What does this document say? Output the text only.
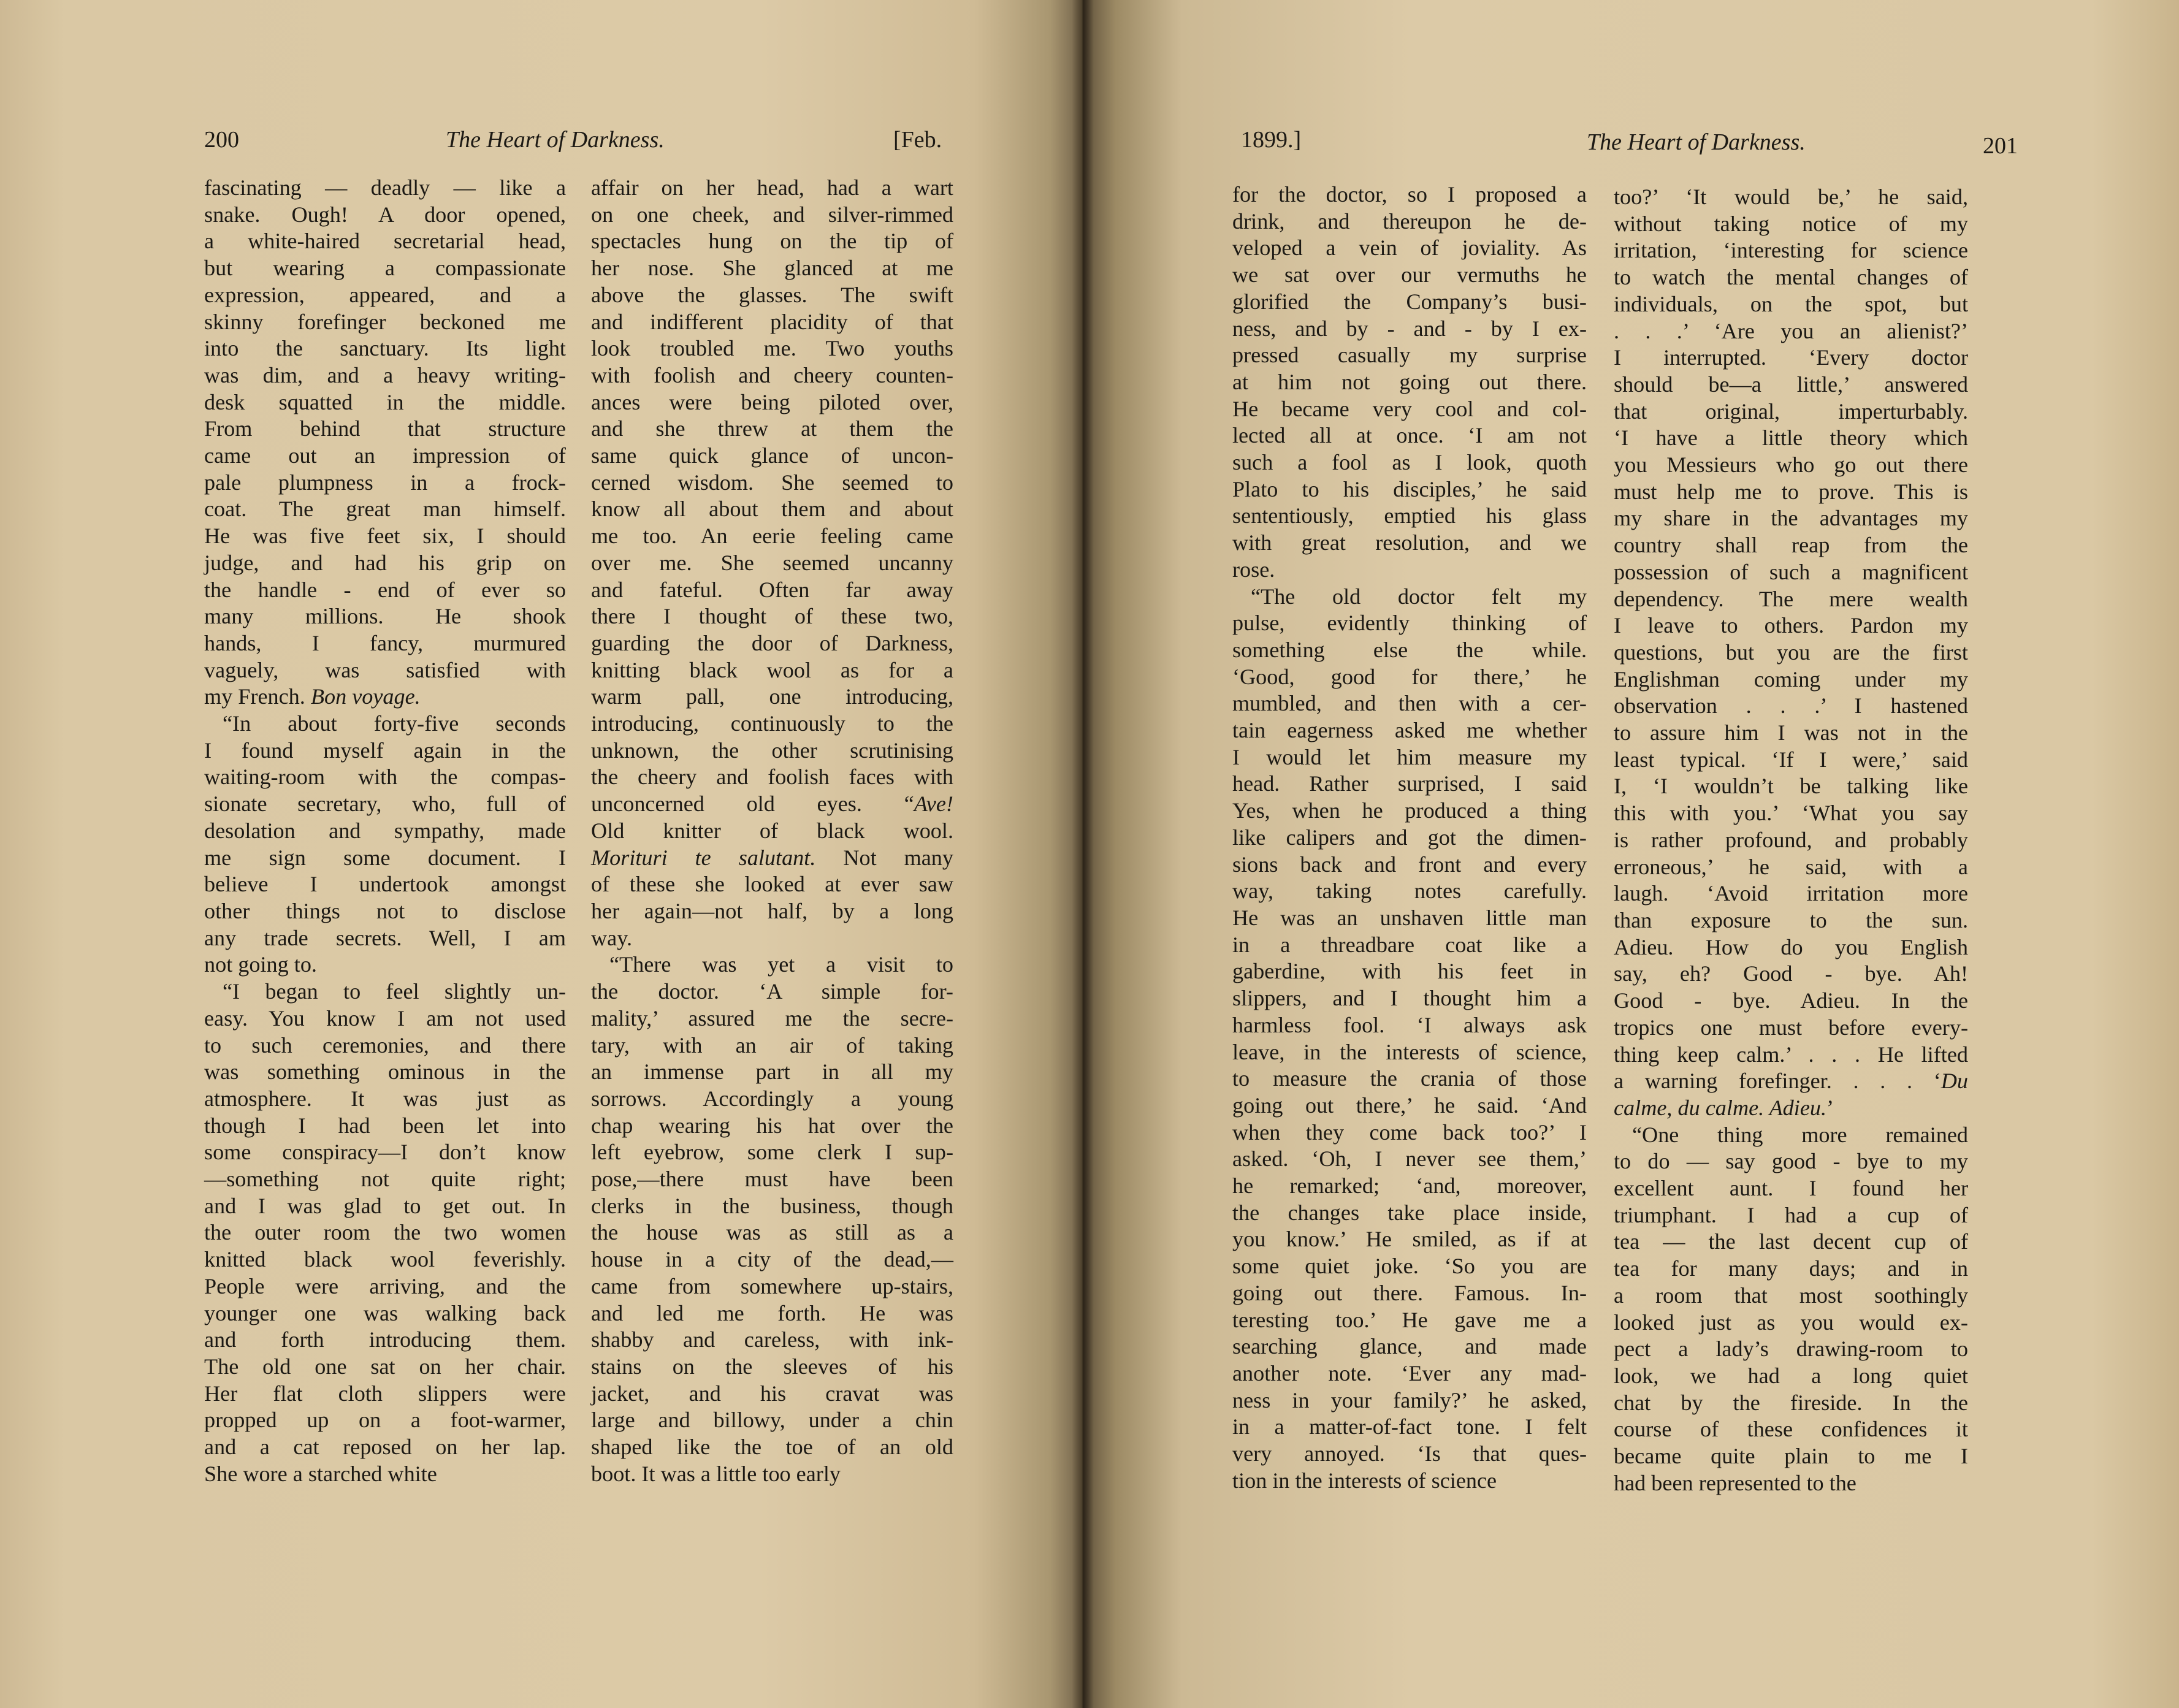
200	The Heart of Darkness.	[Feb.
fascinating — deadly — like a
snake. Ough! A door opened,
a white-haired secretarial head,
but wearing a compassionate
expression, appeared, and a
skinny forefinger beckoned me
into the sanctuary. Its light
was dim, and a heavy writing-
desk squatted in the middle.
From behind that structure
came out an impression of
pale plumpness in a frock-
coat. The great man himself.
He was five feet six, I should
judge, and had his grip on
the handle - end of ever so
many millions. He shook
hands, I fancy, murmured
vaguely, was satisfied with
my French. Bon voyage.
“In about forty-five seconds
I found myself again in the
waiting-room with the compas-
sionate secretary, who, full of
desolation and sympathy, made
me sign some document. I
believe I undertook amongst
other things not to disclose
any trade secrets. Well, I am
not going to.
“I began to feel slightly un-
easy. You know I am not used
to such ceremonies, and there
was something ominous in the
atmosphere. It was just as
though I had been let into
some conspiracy—I don’t know
—something not quite right;
and I was glad to get out. In
the outer room the two women
knitted black wool feverishly.
People were arriving, and the
younger one was walking back
and forth introducing them.
The old one sat on her chair.
Her flat cloth slippers were
propped up on a foot-warmer,
and a cat reposed on her lap.
She wore a starched white
affair on her head, had a wart
on one cheek, and silver-rimmed
spectacles hung on the tip of
her nose. She glanced at me
above the glasses. The swift
and indifferent placidity of that
look troubled me. Two youths
with foolish and cheery counten-
ances were being piloted over,
and she threw at them the
same quick glance of uncon-
cerned wisdom. She seemed to
know all about them and about
me too. An eerie feeling came
over me. She seemed uncanny
and fateful. Often far away
there I thought of these two,
guarding the door of Darkness,
knitting black wool as for a
warm pall, one introducing,
introducing, continuously to the
unknown, the other scrutinising
the cheery and foolish faces with
unconcerned old eyes. “Ave!
Old knitter of black wool.
Morituri te salutant. Not many
of these she looked at ever saw
her again—not half, by a long
way.
“There was yet a visit to
the doctor. ‘A simple for-
mality,’ assured me the secre-
tary, with an air of taking
an immense part in all my
sorrows. Accordingly a young
chap wearing his hat over the
left eyebrow, some clerk I sup-
pose,—there must have been
clerks in the business, though
the house was as still as a
house in a city of the dead,—
came from somewhere up-stairs,
and led me forth. He was
shabby and careless, with ink-
stains on the sleeves of his
jacket, and his cravat was
large and billowy, under a chin
shaped like the toe of an old
boot. It was a little too early
1899.]	The Heart of Darkness.	201
for the doctor, so I proposed a
drink, and thereupon he de-
veloped a vein of joviality. As
we sat over our vermuths he
glorified the Company’s busi-
ness, and by - and - by I ex-
pressed casually my surprise
at him not going out there.
He became very cool and col-
lected all at once. ‘I am not
such a fool as I look, quoth
Plato to his disciples,’ he said
sententiously, emptied his glass
with great resolution, and we
rose.
“The old doctor felt my
pulse, evidently thinking of
something else the while.
‘Good, good for there,’ he
mumbled, and then with a cer-
tain eagerness asked me whether
I would let him measure my
head. Rather surprised, I said
Yes, when he produced a thing
like calipers and got the dimen-
sions back and front and every
way, taking notes carefully.
He was an unshaven little man
in a threadbare coat like a
gaberdine, with his feet in
slippers, and I thought him a
harmless fool. ‘I always ask
leave, in the interests of science,
to measure the crania of those
going out there,’ he said. ‘And
when they come back too?’ I
asked. ‘Oh, I never see them,’
he remarked; ‘and, moreover,
the changes take place inside,
you know.’ He smiled, as if at
some quiet joke. ‘So you are
going out there. Famous. In-
teresting too.’ He gave me a
searching glance, and made
another note. ‘Ever any mad-
ness in your family?’ he asked,
in a matter-of-fact tone. I felt
very annoyed. ‘Is that ques-
tion in the interests of science
too?’ ‘It would be,’ he said,
without taking notice of my
irritation, ‘interesting for science
to watch the mental changes of
individuals, on the spot, but
. . .’ ‘Are you an alienist?’
I interrupted. ‘Every doctor
should be—a little,’ answered
that original, imperturbably.
‘I have a little theory which
you Messieurs who go out there
must help me to prove. This is
my share in the advantages my
country shall reap from the
possession of such a magnificent
dependency. The mere wealth
I leave to others. Pardon my
questions, but you are the first
Englishman coming under my
observation . . .’ I hastened
to assure him I was not in the
least typical. ‘If I were,’ said
I, ‘I wouldn’t be talking like
this with you.’ ‘What you say
is rather profound, and probably
erroneous,’ he said, with a
laugh. ‘Avoid irritation more
than exposure to the sun.
Adieu. How do you English
say, eh? Good - bye. Ah!
Good - bye. Adieu. In the
tropics one must before every-
thing keep calm.’ . . . He lifted
a warning forefinger. . . . ‘Du
calme, du calme. Adieu.’
“One thing more remained
to do — say good - bye to my
excellent aunt. I found her
triumphant. I had a cup of
tea — the last decent cup of
tea for many days; and in
a room that most soothingly
looked just as you would ex-
pect a lady’s drawing-room to
look, we had a long quiet
chat by the fireside. In the
course of these confidences it
became quite plain to me I
had been represented to the
